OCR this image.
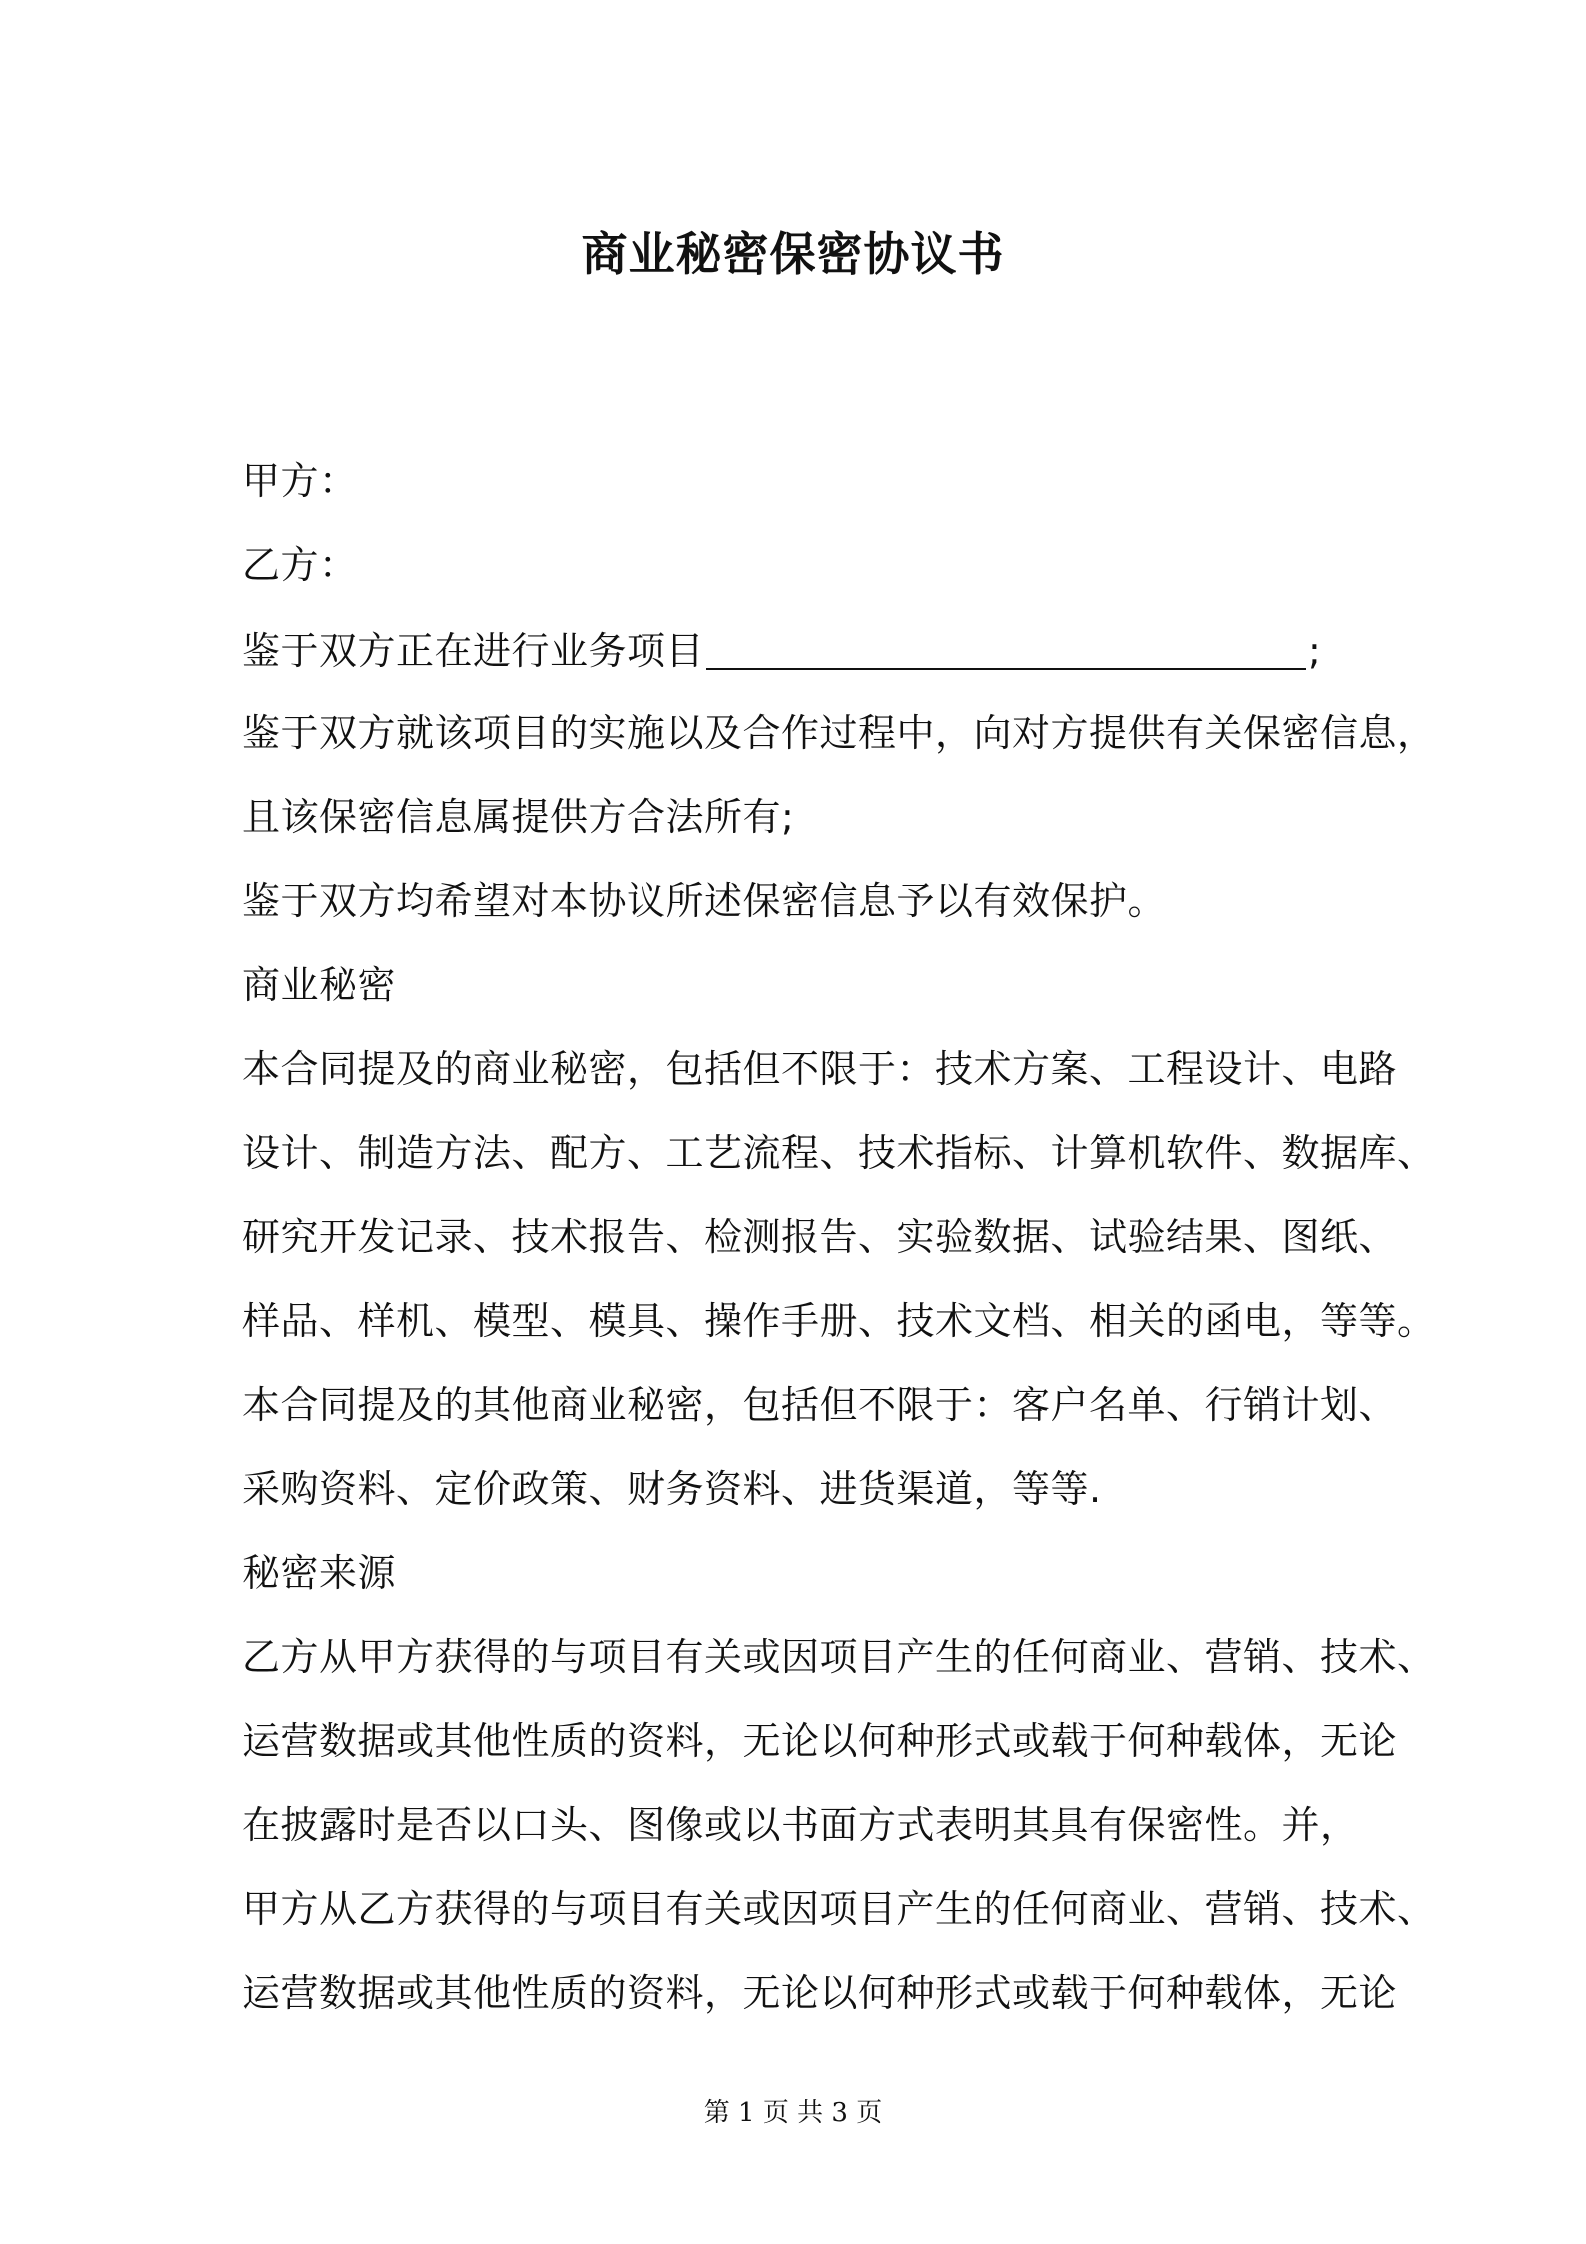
商业秘密保密协议书
甲方：
乙方：
鉴于双方正在进行业务项目	;
鉴于双方就该项目的实施以及合作过程中，向对方提供有关保密信息，
且该保密信息属提供方合法所有;
鉴于双方均希望对本协议所述保密信息予以有效保护。
商业秘密
本合同提及的商业秘密，包括但不限于：技术方案、工程设计、电路
设计、制造方法、配方、工艺流程、技术指标、计算机软件、数据库、
研究开发记录、技术报告、检测报告、实验数据、试验结果、图纸、
样品、样机、模型、模具、操作手册、技术文档、相关的函电，等等。
本合同提及的其他商业秘密，包括但不限于：客户名单、行销计划、
采购资料、定价政策、财务资料、进货渠道，等等.
秘密来源
乙方从甲方获得的与项目有关或因项目产生的任何商业、营销、技术、
运营数据或其他性质的资料，无论以何种形式或载于何种载体，无论
在披露时是否以口头、图像或以书面方式表明其具有保密性。并，
甲方从乙方获得的与项目有关或因项目产生的任何商业、营销、技术、
运营数据或其他性质的资料，无论以何种形式或载于何种载体，无论
第 1 页 共 3 页
